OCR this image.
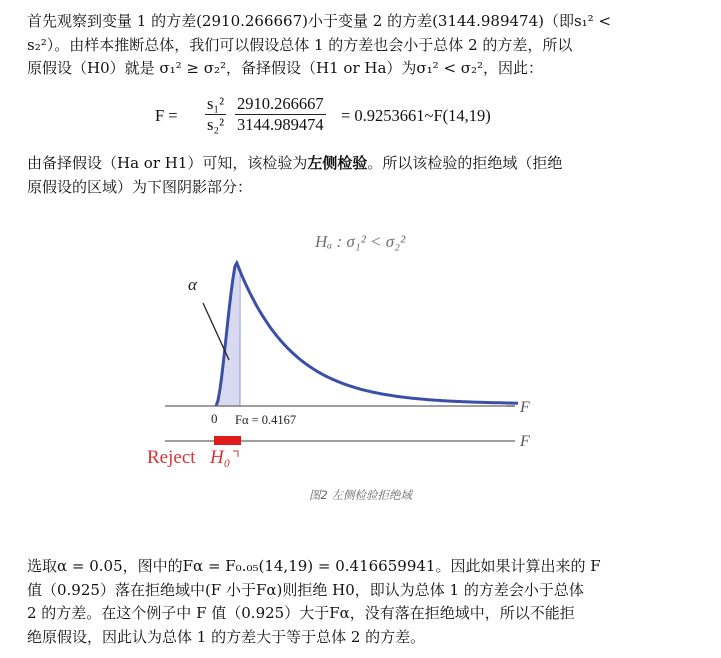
首先观察到变量 1 的方差(2910.266667)小于变量 2 的方差(3144.989474)（即s₁² <
s₂²）。由样本推断总体，我们可以假设总体 1 的方差也会小于总体 2 的方差，所以
原假设（H0）就是 σ₁² ≥ σ₂²，备择假设（H1 or Ha）为σ₁² < σ₂²，因此：
$F = \frac{\text{s₁²}}{\text{s₂²}} \frac{2910.266667}{3144.989474}$ = 0.9253661~F(14,19)
由备择假设（Ha or H1）可知，该检验为左侧检验。所以该检验的拒绝域（拒绝
原假设的区域）为下图阴影部分：
Hₐ : σ₁² < σ₂²
α
F
0 Fα = 0.4167
F
Reject H₀
图2 左侧检验拒绝域
选取α = 0.05，图中的Fα = F₀.₀₅(14,19) = 0.416659941。因此如果计算出来的 F
值（0.925）落在拒绝域中(F 小于Fα)则拒绝 H0，即认为总体 1 的方差会小于总体
2 的方差。在这个例子中 F 值（0.925）大于Fα，没有落在拒绝域中，所以不能拒
绝原假设，因此认为总体 1 的方差大于等于总体 2 的方差。
